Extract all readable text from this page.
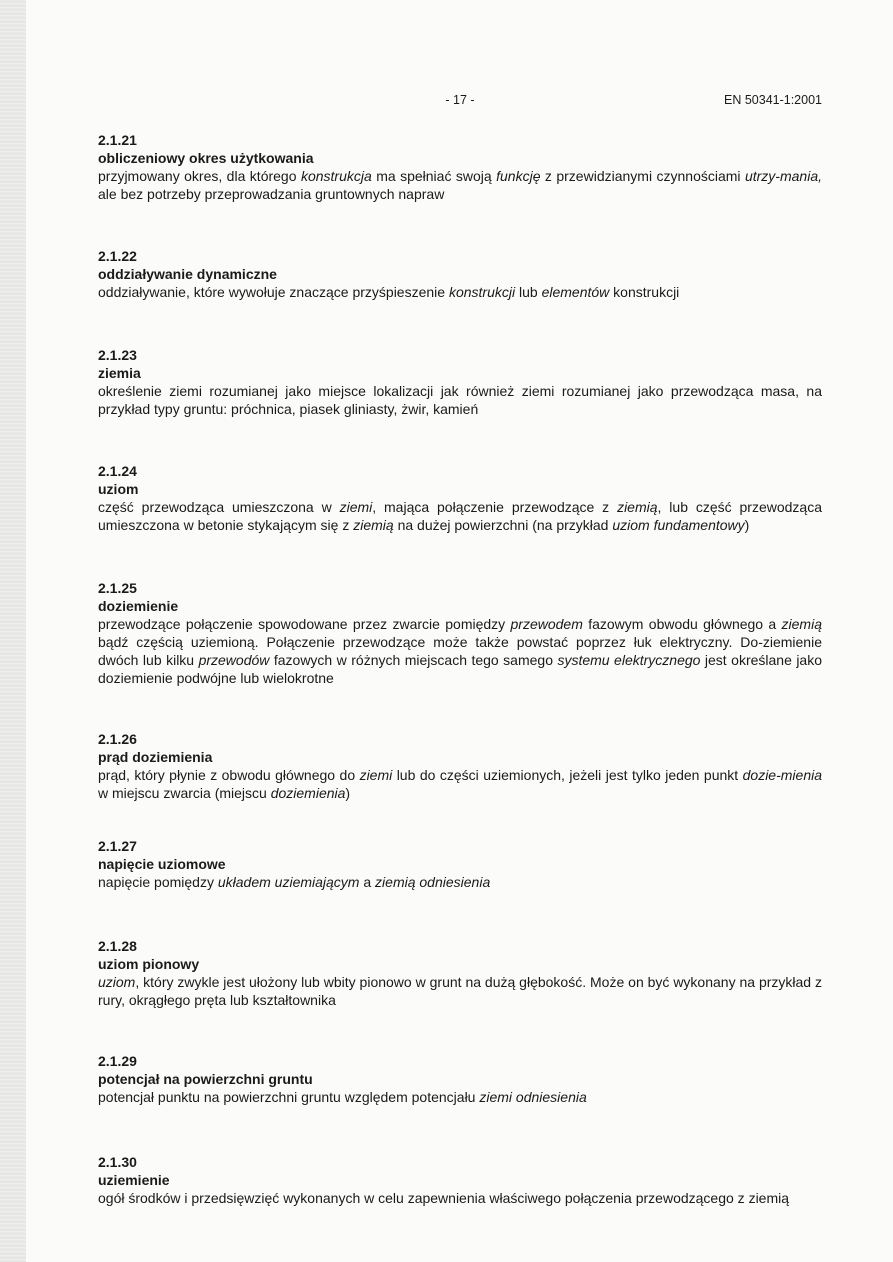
- 17 -	EN 50341-1:2001
2.1.21
obliczeniowy okres użytkowania
przyjmowany okres, dla którego konstrukcja ma spełniać swoją funkcję z przewidzianymi czynnościami utrzy-mania, ale bez potrzeby przeprowadzania gruntownych napraw
2.1.22
oddziaływanie dynamiczne
oddziaływanie, które wywołuje znaczące przyśpieszenie konstrukcji lub elementów konstrukcji
2.1.23
ziemia
określenie ziemi rozumianej jako miejsce lokalizacji jak również ziemi rozumianej jako przewodząca masa, na przykład typy gruntu: próchnica, piasek gliniasty, żwir, kamień
2.1.24
uziom
część przewodząca umieszczona w ziemi, mająca połączenie przewodzące z ziemią, lub część przewodząca umieszczona w betonie stykającym się z ziemią na dużej powierzchni (na przykład uziom fundamentowy)
2.1.25
doziemienie
przewodzące połączenie spowodowane przez zwarcie pomiędzy przewodem fazowym obwodu głównego a ziemią bądź częścią uziemioną. Połączenie przewodzące może także powstać poprzez łuk elektryczny. Do-ziemienie dwóch lub kilku przewodów fazowych w różnych miejscach tego samego systemu elektrycznego jest określane jako doziemienie podwójne lub wielokrotne
2.1.26
prąd doziemienia
prąd, który płynie z obwodu głównego do ziemi lub do części uziemionych, jeżeli jest tylko jeden punkt dozie-mienia w miejscu zwarcia (miejscu doziemienia)
2.1.27
napięcie uziomowe
napięcie pomiędzy układem uziemiającym a ziemią odniesienia
2.1.28
uziom pionowy
uziom, który zwykle jest ułożony lub wbity pionowo w grunt na dużą głębokość. Może on być wykonany na przykład z rury, okrągłego pręta lub kształtownika
2.1.29
potencjał na powierzchni gruntu
potencjał punktu na powierzchni gruntu względem potencjału ziemi odniesienia
2.1.30
uziemienie
ogół środków i przedsięwzięć wykonanych w celu zapewnienia właściwego połączenia przewodzącego z ziemią
